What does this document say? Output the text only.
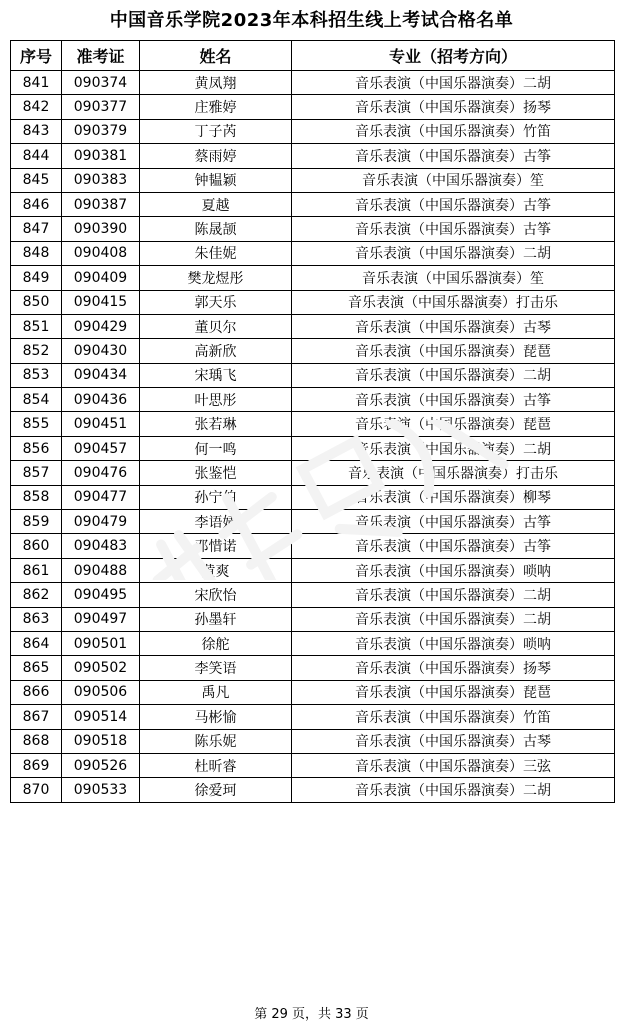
中国音乐学院2023年本科招生线上考试合格名单
序号	准考证	姓名	专业（招考方向）
841	090374	黄凤翔	音乐表演（中国乐器演奏）二胡
842	090377	庄雅婷	音乐表演（中国乐器演奏）扬琴
843	090379	丁子芮	音乐表演（中国乐器演奏）竹笛
844	090381	蔡雨婷	音乐表演（中国乐器演奏）古筝
845	090383	钟韫颖	音乐表演（中国乐器演奏）笙
846	090387	夏越	音乐表演（中国乐器演奏）古筝
847	090390	陈晟颉	音乐表演（中国乐器演奏）古筝
848	090408	朱佳妮	音乐表演（中国乐器演奏）二胡
849	090409	樊龙煜彤	音乐表演（中国乐器演奏）笙
850	090415	郭天乐	音乐表演（中国乐器演奏）打击乐
851	090429	董贝尔	音乐表演（中国乐器演奏）古琴
852	090430	高新欣	音乐表演（中国乐器演奏）琵琶
853	090434	宋瑀飞	音乐表演（中国乐器演奏）二胡
854	090436	叶思彤	音乐表演（中国乐器演奏）古筝
855	090451	张若琳	音乐表演（中国乐器演奏）琵琶
856	090457	何一鸣	音乐表演（中国乐器演奏）二胡
857	090476	张鉴恺	音乐表演（中国乐器演奏）打击乐
858	090477	孙宁伯	音乐表演（中国乐器演奏）柳琴
859	090479	李语婧	音乐表演（中国乐器演奏）古筝
860	090483	邓惜诺	音乐表演（中国乐器演奏）古筝
861	090488	黄爽	音乐表演（中国乐器演奏）唢呐
862	090495	宋欣怡	音乐表演（中国乐器演奏）二胡
863	090497	孙墨轩	音乐表演（中国乐器演奏）二胡
864	090501	徐舵	音乐表演（中国乐器演奏）唢呐
865	090502	李笑语	音乐表演（中国乐器演奏）扬琴
866	090506	禹凡	音乐表演（中国乐器演奏）琵琶
867	090514	马彬愉	音乐表演（中国乐器演奏）竹笛
868	090518	陈乐妮	音乐表演（中国乐器演奏）古琴
869	090526	杜昕睿	音乐表演（中国乐器演奏）三弦
870	090533	徐爱珂	音乐表演（中国乐器演奏）二胡
第 29 页，共 33 页
